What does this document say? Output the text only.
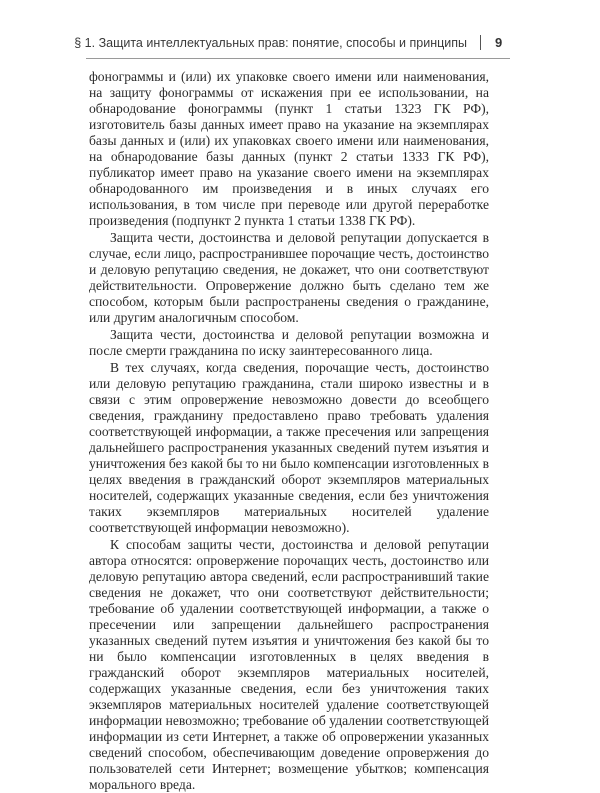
§ 1. Защита интеллектуальных прав: понятие, способы и принципы 9

фонограммы и (или) их упаковке своего имени или наименования, на защиту фонограммы от искажения при ее использовании, на обнародование фонограммы (пункт 1 статьи 1323 ГК РФ), изготовитель базы данных имеет право на указание на экземплярах базы данных и (или) их упаковках своего имени или наименования, на обнародование базы данных (пункт 2 статьи 1333 ГК РФ), публикатор имеет право на указание своего имени на экземплярах обнародованного им произведения и в иных случаях его использования, в том числе при переводе или другой переработке произведения (подпункт 2 пункта 1 статьи 1338 ГК РФ).

Защита чести, достоинства и деловой репутации допускается в случае, если лицо, распространившее порочащие честь, достоинство и деловую репутацию сведения, не докажет, что они соответствуют действительности. Опровержение должно быть сделано тем же способом, которым были распространены сведения о гражданине, или другим аналогичным способом.

Защита чести, достоинства и деловой репутации возможна и после смерти гражданина по иску заинтересованного лица.

В тех случаях, когда сведения, порочащие честь, достоинство или деловую репутацию гражданина, стали широко известны и в связи с этим опровержение невозможно довести до всеобщего сведения, гражданину предоставлено право требовать удаления соответствующей информации, а также пресечения или запрещения дальнейшего распространения указанных сведений путем изъятия и уничтожения без какой бы то ни было компенсации изготовленных в целях введения в гражданский оборот экземпляров материальных носителей, содержащих указанные сведения, если без уничтожения таких экземпляров материальных носителей удаление соответствующей информации невозможно).

К способам защиты чести, достоинства и деловой репутации автора относятся: опровержение порочащих честь, достоинство или деловую репутацию автора сведений, если распространивший такие сведения не докажет, что они соответствуют действительности; требование об удалении соответствующей информации, а также о пресечении или запрещении дальнейшего распространения указанных сведений путем изъятия и уничтожения без какой бы то ни было компенсации изготовленных в целях введения в гражданский оборот экземпляров материальных носителей, содержащих указанные сведения, если без уничтожения таких экземпляров материальных носителей удаление соответствующей информации невозможно; требование об удалении соответствующей информации из сети Интернет, а также об опровержении указанных сведений способом, обеспечивающим доведение опровержения до пользователей сети Интернет; возмещение убытков; компенсация морального вреда.
